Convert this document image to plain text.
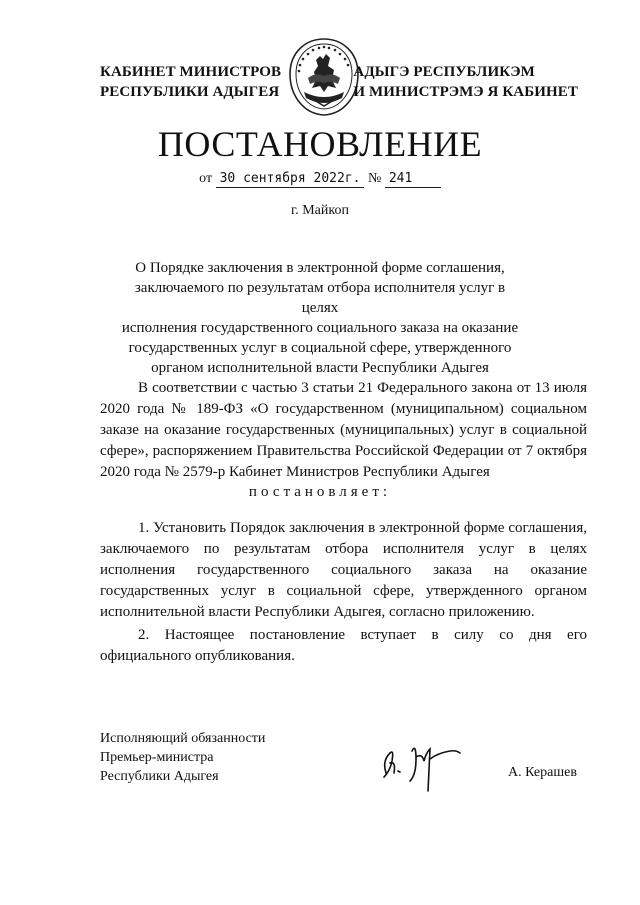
КАБИНЕТ МИНИСТРОВ
РЕСПУБЛИКИ АДЫГЕЯ
АДЫГЭ РЕСПУБЛИКЭМ
И МИНИСТРЭМЭ Я КАБИНЕТ
ПОСТАНОВЛЕНИЕ
от 30 сентября 2022г. № 241
г. Майкоп
О Порядке заключения в электронной форме соглашения,
заключаемого по результатам отбора исполнителя услуг в целях
исполнения государственного социального заказа на оказание
государственных услуг в социальной сфере, утвержденного
органом исполнительной власти Республики Адыгея
В соответствии с частью 3 статьи 21 Федерального закона от 13 июля 2020 года № 189-ФЗ «О государственном (муниципальном) социальном заказе на оказание государственных (муниципальных) услуг в социальной сфере», распоряжением Правительства Российской Федерации от 7 октября 2020 года № 2579-р Кабинет Министров Республики Адыгея
постановляет:
1. Установить Порядок заключения в электронной форме соглашения, заключаемого по результатам отбора исполнителя услуг в целях исполнения государственного социального заказа на оказание государственных услуг в социальной сфере, утвержденного органом исполнительной власти Республики Адыгея, согласно приложению.
2. Настоящее постановление вступает в силу со дня его официального опубликования.
Исполняющий обязанности
Премьер-министра
Республики Адыгея	А. Керашев
